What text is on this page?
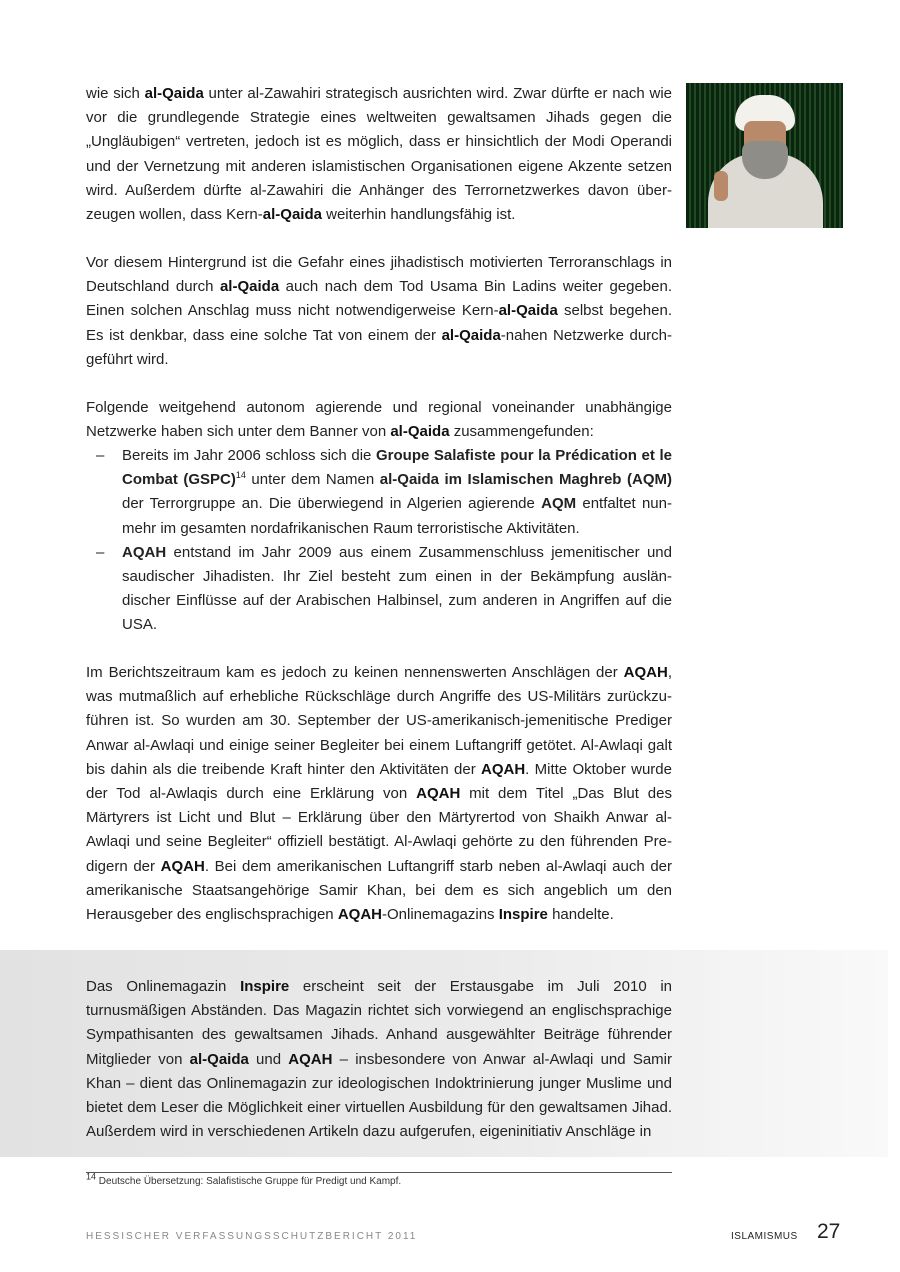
wie sich al-Qaida unter al-Zawahiri strategisch ausrichten wird. Zwar dürfte er nach wie vor die grundlegende Strategie eines weltweiten gewaltsamen Jihads gegen die „Ungläubigen“ vertreten, jedoch ist es möglich, dass er hinsichtlich der Modi Operandi und der Vernetzung mit anderen islamistischen Organisationen eigene Akzente setzen wird. Außerdem dürfte al-Zawahiri die Anhänger des Terrornetzwerkes davon überzeugen wollen, dass Kern-al-Qaida weiterhin handlungsfähig ist.

Vor diesem Hintergrund ist die Gefahr eines jihadistisch motivierten Terroranschlags in Deutschland durch al-Qaida auch nach dem Tod Usama Bin Ladins weiter gegeben. Einen solchen Anschlag muss nicht notwendigerweise Kern-al-Qaida selbst begehen. Es ist denkbar, dass eine solche Tat von einem der al-Qaida-nahen Netzwerke durchgeführt wird.

Folgende weitgehend autonom agierende und regional voneinander unabhängige Netzwerke haben sich unter dem Banner von al-Qaida zusammengefunden:

– Bereits im Jahr 2006 schloss sich die Groupe Salafiste pour la Prédication et le Combat (GSPC)$^{14}$ unter dem Namen al-Qaida im Islamischen Maghreb (AQM) der Terrorgruppe an. Die überwiegend in Algerien agierende AQM entfaltet nunmehr im gesamten nordafrikanischen Raum terroristische Aktivitäten.

– AQAH entstand im Jahr 2009 aus einem Zusammenschluss jemenitischer und saudischer Jihadisten. Ihr Ziel besteht zum einen in der Bekämpfung ausländischer Einflüsse auf der Arabischen Halbinsel, zum anderen in Angriffen auf die USA.

Im Berichtszeitraum kam es jedoch zu keinen nennenswerten Anschlägen der AQAH, was mutmaßlich auf erhebliche Rückschläge durch Angriffe des US-Militärs zurückzuführen ist. So wurden am 30. September der US-amerikanisch-jemenitische Prediger Anwar al-Awlaqi und einige seiner Begleiter bei einem Luftangriff getötet. Al-Awlaqi galt bis dahin als die treibende Kraft hinter den Aktivitäten der AQAH. Mitte Oktober wurde der Tod al-Awlaqis durch eine Erklärung von AQAH mit dem Titel „Das Blut des Märtyrers ist Licht und Blut – Erklärung über den Märtyrertod von Shaikh Anwar al-Awlaqi und seine Begleiter“ offiziell bestätigt. Al-Awlaqi gehörte zu den führenden Predigern der AQAH. Bei dem amerikanischen Luftangriff starb neben al-Awlaqi auch der amerikanische Staatsangehörige Samir Khan, bei dem es sich angeblich um den Herausgeber des englischsprachigen AQAH-Onlinemagazins Inspire handelte.

Das Onlinemagazin Inspire erscheint seit der Erstausgabe im Juli 2010 in turnusmäßigen Abständen. Das Magazin richtet sich vorwiegend an englischsprachige Sympathisanten des gewaltsamen Jihads. Anhand ausgewählter Beiträge führender Mitglieder von al-Qaida und AQAH – insbesondere von Anwar al-Awlaqi und Samir Khan – dient das Onlinemagazin zur ideologischen Indoktrinierung junger Muslime und bietet dem Leser die Möglichkeit einer virtuellen Ausbildung für den gewaltsamen Jihad. Außerdem wird in verschiedenen Artikeln dazu aufgerufen, eigeninitiativ Anschläge in

$^{14}$ Deutsche Übersetzung: Salafistische Gruppe für Predigt und Kampf.
HESSISCHER VERFASSUNGSSCHUTZBERICHT 2011	ISLAMISMUS 27
